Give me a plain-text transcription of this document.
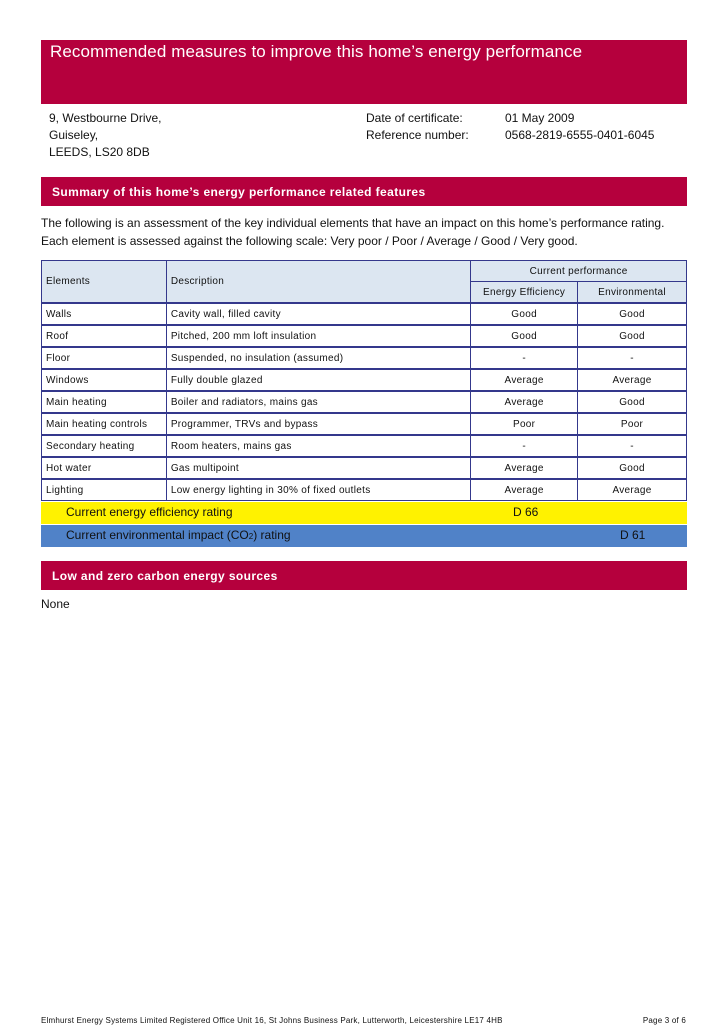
Recommended measures to improve this home’s energy performance
9, Westbourne Drive,
Guiseley,
LEEDS, LS20 8DB
Date of certificate:	01 May 2009
Reference number:	0568-2819-6555-0401-6045
Summary of this home’s energy performance related features
The following is an assessment of the key individual elements that have an impact on this home’s performance rating.
Each element is assessed against the following scale: Very poor / Poor / Average / Good / Very good.
Elements	Description	Current performance	
		Energy Efficiency	Environmental

Walls	Cavity wall, filled cavity	Good	Good

Roof	Pitched, 200 mm loft insulation	Good	Good

Floor	Suspended, no insulation (assumed)	-	-

Windows	Fully double glazed	Average	Average

Main heating	Boiler and radiators, mains gas	Average	Good

Main heating controls	Programmer, TRVs and bypass	Poor	Poor

Secondary heating	Room heaters, mains gas	-	-

Hot water	Gas multipoint	Average	Good

Lighting	Low energy lighting in 30% of fixed outlets	Average	Average
Current energy efficiency rating	D 66
Current environmental impact (CO2) rating	D 61
Low and zero carbon energy sources
None
Elmhurst Energy Systems Limited Registered Office Unit 16, St Johns Business Park, Lutterworth, Leicestershire LE17 4HB	Page 3 of 6
